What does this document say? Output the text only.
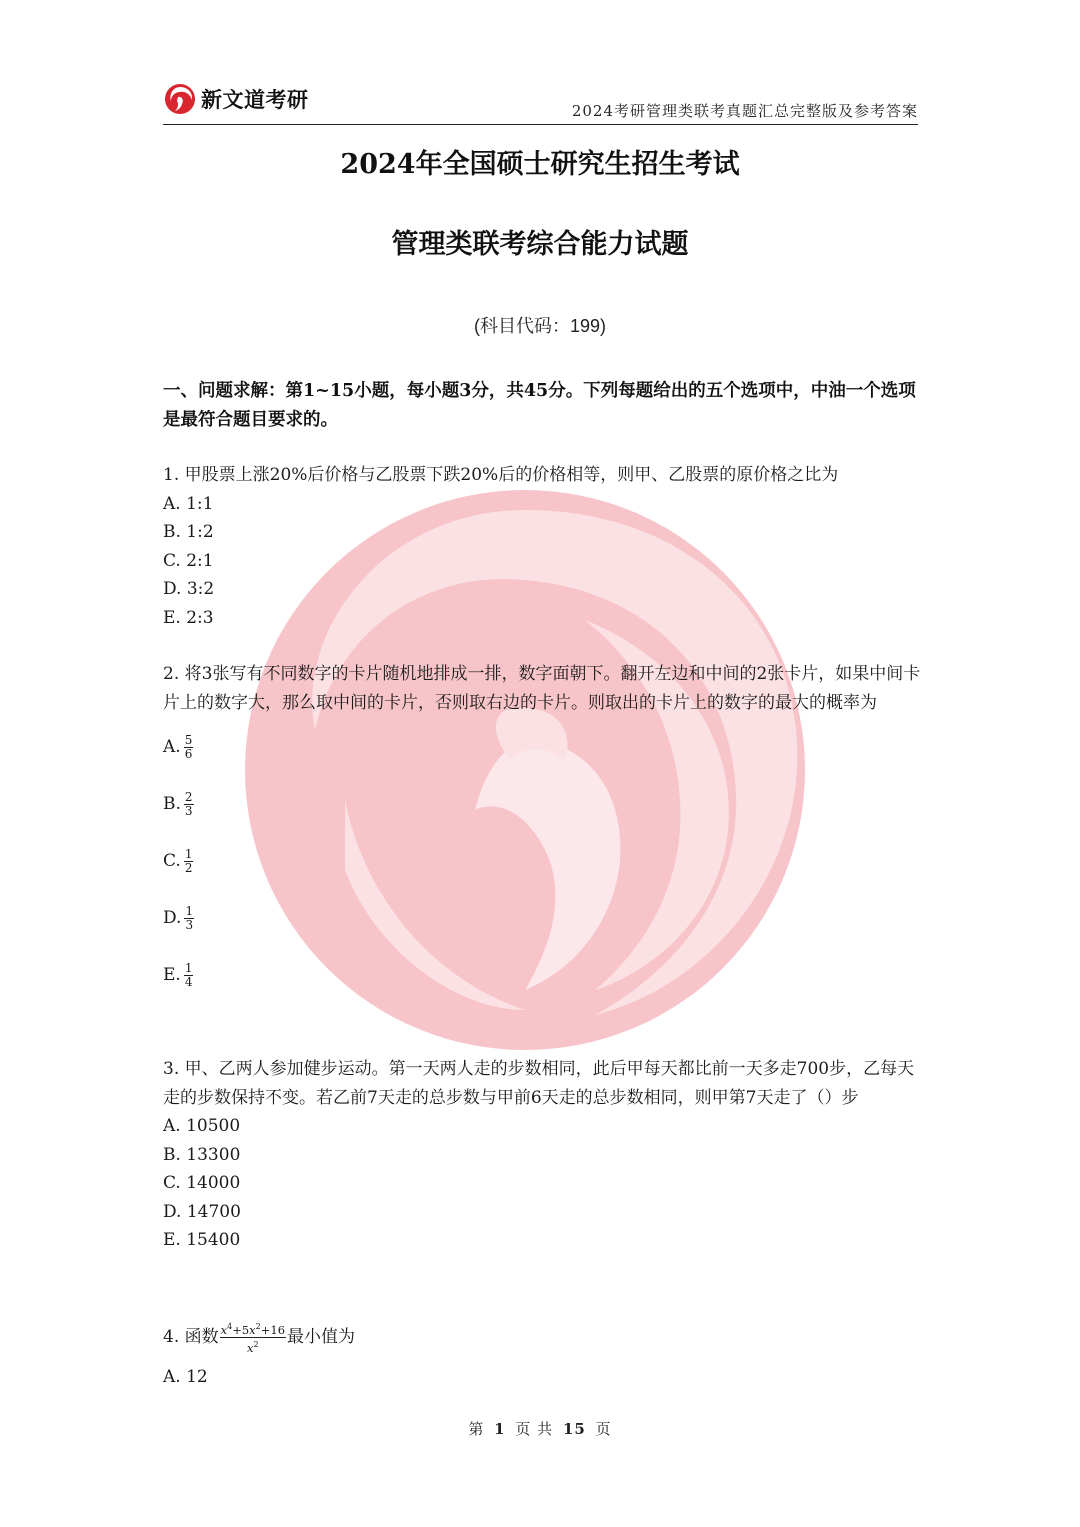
新文道考研	2024考研管理类联考真题汇总完整版及参考答案
2024年全国硕士研究生招生考试
管理类联考综合能力试题
(科目代码：199)
一、问题求解：第1~15小题，每小题3分，共45分。下列每题给出的五个选项中，中油一个选项是最符合题目要求的。

1. 甲股票上涨20%后价格与乙股票下跌20%后的价格相等，则甲、乙股票的原价格之比为

A. 1:1
B. 1:2
C. 2:1
D. 3:2
E. 2:3

2. 将3张写有不同数字的卡片随机地排成一排，数字面朝下。翻开左边和中间的2张卡片，如果中间卡片上的数字大，那么取中间的卡片，否则取右边的卡片。则取出的卡片上的数字的最大的概率为

A. $\frac{5}{6}$
B. $\frac{2}{3}$
C. $\frac{1}{2}$
D. $\frac{1}{3}$
E. $\frac{1}{4}$

3. 甲、乙两人参加健步运动。第一天两人走的步数相同，此后甲每天都比前一天多走700步，乙每天走的步数保持不变。若乙前7天走的总步数与甲前6天走的总步数相同，则甲第7天走了（）步

A. 10500
B. 13300
C. 14000
D. 14700
E. 15400

4. 函数 $\frac{x^4+5x^2+16}{x^2}$ 最小值为

A. 12
第 1 页 共 15 页
